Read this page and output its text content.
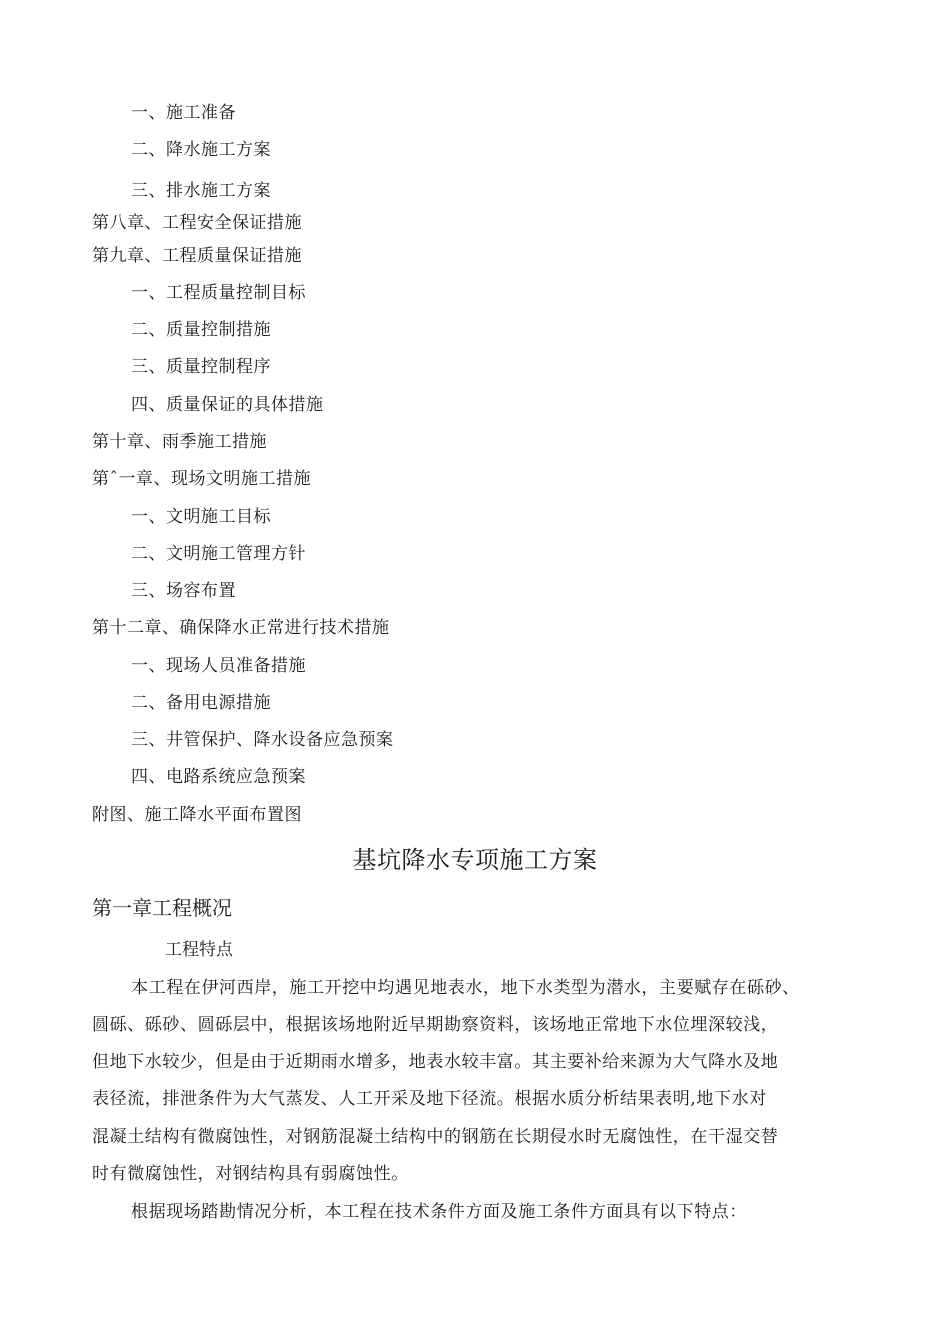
一、施工准备
二、降水施工方案
三、排水施工方案
第八章、工程安全保证措施
第九章、工程质量保证措施
一、工程质量控制目标
二、质量控制措施
三、质量控制程序
四、质量保证的具体措施
第十章、雨季施工措施
第ˆ一章、现场文明施工措施
一、文明施工目标
二、文明施工管理方针
三、场容布置
第十二章、确保降水正常进行技术措施
一、现场人员准备措施
二、备用电源措施
三、井管保护、降水设备应急预案
四、电路系统应急预案
附图、施工降水平面布置图
基坑降水专项施工方案
第一章工程概况
工程特点
本工程在伊河西岸，施工开挖中均遇见地表水，地下水类型为潜水，主要赋存在砾砂、
圆砾、砾砂、圆砾层中，根据该场地附近早期勘察资料，该场地正常地下水位埋深较浅，
但地下水较少，但是由于近期雨水增多，地表水较丰富。其主要补给来源为大气降水及地
表径流，排泄条件为大气蒸发、人工开采及地下径流。根据水质分析结果表明,地下水对
混凝土结构有微腐蚀性，对钢筋混凝土结构中的钢筋在长期侵水时无腐蚀性，在干湿交替
时有微腐蚀性，对钢结构具有弱腐蚀性。
根据现场踏勘情况分析，本工程在技术条件方面及施工条件方面具有以下特点：
